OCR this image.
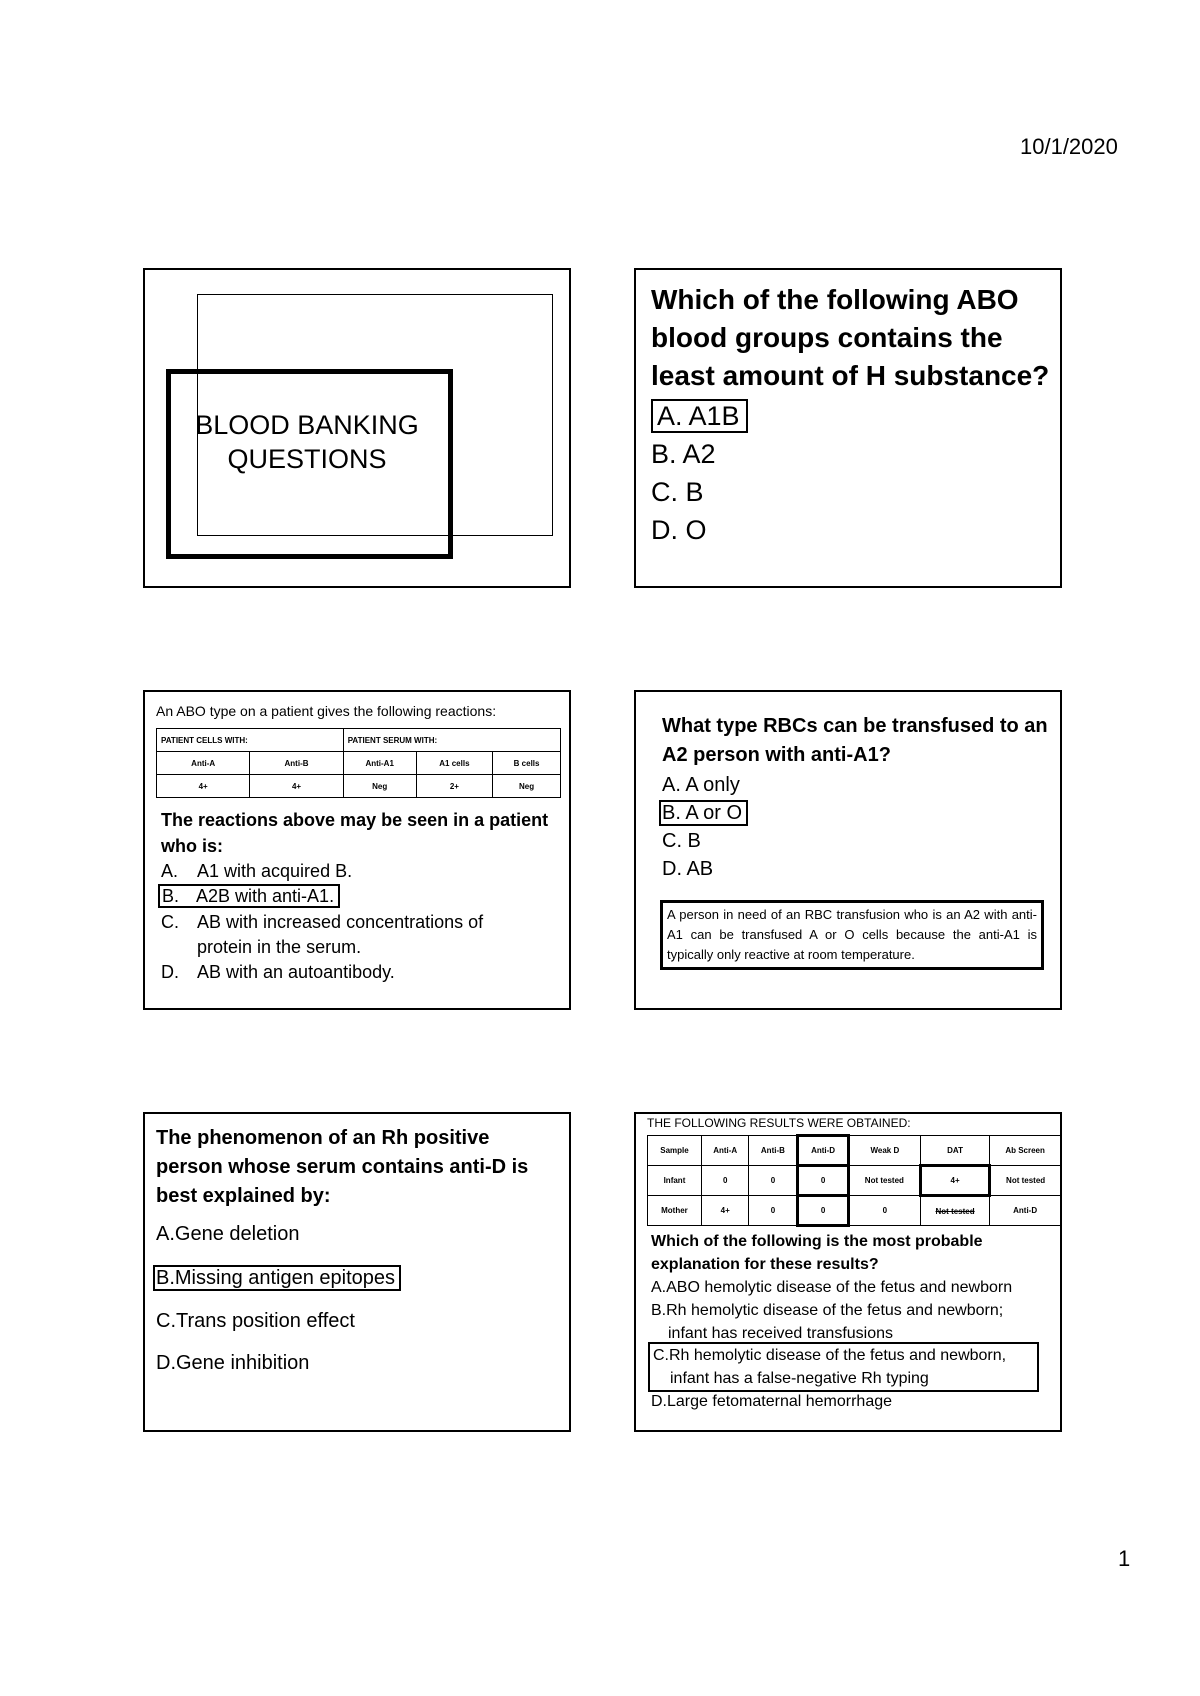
10/1/2020
BLOOD BANKING
QUESTIONS
Which of the following ABO blood groups contains the least amount of H substance?
A. A1B
B. A2
C. B
D. O
An ABO type on a patient gives the following reactions:
PATIENT CELLS WITH:		PATIENT SERUM WITH:		
Anti-A	Anti-B	Anti-A1	A1 cells	B cells
4+	4+	Neg	2+	Neg
The reactions above may be seen in a patient who is:
A. A1 with acquired B.
B. A2B with anti-A1.
C. AB with increased concentrations of
protein in the serum.
D. AB with an autoantibody.
What type RBCs can be transfused to an A2 person with anti-A1?
A. A only
B. A or O
C. B
D. AB
A person in need of an RBC transfusion who is an A2 with anti-A1 can be transfused A or O cells because the anti-A1 is typically only reactive at room temperature.
The phenomenon of an Rh positive person whose serum contains anti-D is best explained by:
A.Gene deletion
B.Missing antigen epitopes
C.Trans position effect
D.Gene inhibition
THE FOLLOWING RESULTS WERE OBTAINED:
Sample	Anti-A	Anti-B	Anti-D	Weak D	DAT	Ab Screen
Infant	0	0	0	Not tested	4+	Not tested
Mother	4+	0	0	0	Not tested	Anti-D
Which of the following is the most probable explanation for these results?
A.ABO hemolytic disease of the fetus and newborn
B.Rh hemolytic disease of the fetus and newborn;
infant has received transfusions
C.Rh hemolytic disease of the fetus and newborn,
infant has a false-negative Rh typing
D.Large fetomaternal hemorrhage
1
